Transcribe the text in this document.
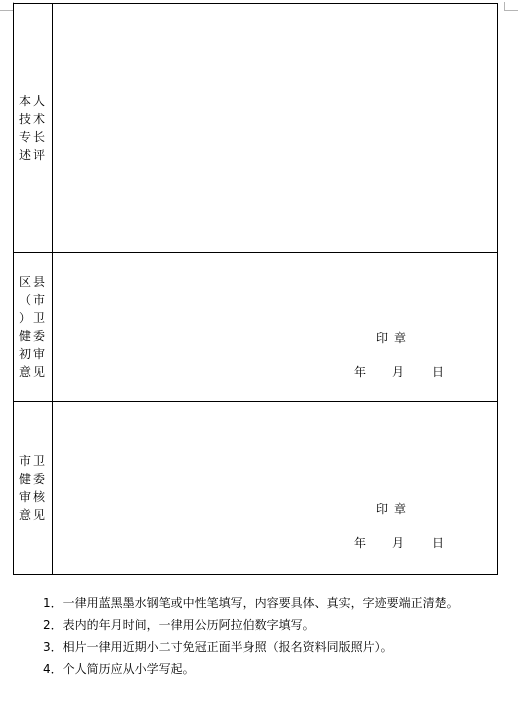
本人
技术
专长
述评
区县
（市
）卫
健委
初审
意见
印章
年 月 日
市卫
健委
审核
意见	印章
年 月 日
1．一律用蓝黑墨水钢笔或中性笔填写，内容要具体、真实，字迹要端正清楚。
2．表内的年月时间，一律用公历阿拉伯数字填写。
3．相片一律用近期小二寸免冠正面半身照（报名资料同版照片）。
4．个人简历应从小学写起。
